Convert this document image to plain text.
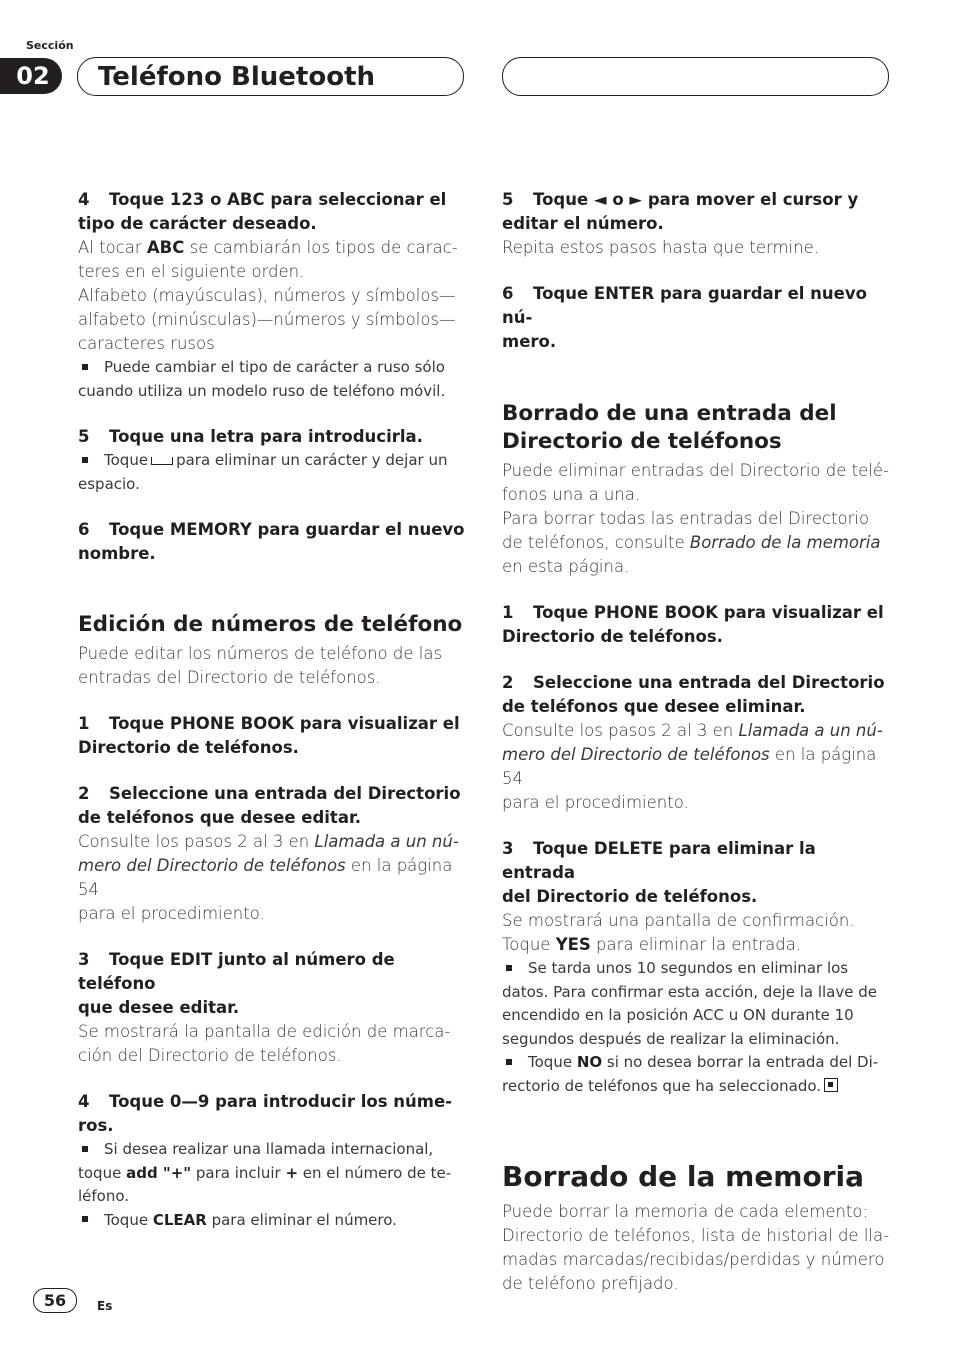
Sección
02	Teléfono Bluetooth
4 Toque 123 o ABC para seleccionar el
tipo de carácter deseado.
Al tocar ABC se cambiarán los tipos de carac-
teres en el siguiente orden.
Alfabeto (mayúsculas), números y símbolos—
alfabeto (minúsculas)—números y símbolos—
caracteres rusos
Puede cambiar el tipo de carácter a ruso sólo
cuando utiliza un modelo ruso de teléfono móvil.
5 Toque una letra para introducirla.
Toque para eliminar un carácter y dejar un
espacio.
6 Toque MEMORY para guardar el nuevo
nombre.
Edición de números de teléfono
Puede editar los números de teléfono de las
entradas del Directorio de teléfonos.
1 Toque PHONE BOOK para visualizar el
Directorio de teléfonos.
2 Seleccione una entrada del Directorio
de teléfonos que desee editar.
Consulte los pasos 2 al 3 en Llamada a un nú-
mero del Directorio de teléfonos en la página 54
para el procedimiento.
3 Toque EDIT junto al número de teléfono
que desee editar.
Se mostrará la pantalla de edición de marca-
ción del Directorio de teléfonos.
4 Toque 0—9 para introducir los núme-
ros.
Si desea realizar una llamada internacional,
toque add "+" para incluir + en el número de te-
léfono.
Toque CLEAR para eliminar el número.
5 Toque ◄ o ► para mover el cursor y
editar el número.
Repita estos pasos hasta que termine.
6 Toque ENTER para guardar el nuevo nú-
mero.
Borrado de una entrada del
Directorio de teléfonos
Puede eliminar entradas del Directorio de telé-
fonos una a una.
Para borrar todas las entradas del Directorio
de teléfonos, consulte Borrado de la memoria
en esta página.
1 Toque PHONE BOOK para visualizar el
Directorio de teléfonos.
2 Seleccione una entrada del Directorio
de teléfonos que desee eliminar.
Consulte los pasos 2 al 3 en Llamada a un nú-
mero del Directorio de teléfonos en la página 54
para el procedimiento.
3 Toque DELETE para eliminar la entrada
del Directorio de teléfonos.
Se mostrará una pantalla de confirmación.
Toque YES para eliminar la entrada.
Se tarda unos 10 segundos en eliminar los
datos. Para confirmar esta acción, deje la llave de
encendido en la posición ACC u ON durante 10
segundos después de realizar la eliminación.
Toque NO si no desea borrar la entrada del Di-
rectorio de teléfonos que ha seleccionado.
Borrado de la memoria
Puede borrar la memoria de cada elemento:
Directorio de teléfonos, lista de historial de lla-
madas marcadas/recibidas/perdidas y número
de teléfono prefijado.
56	Es
